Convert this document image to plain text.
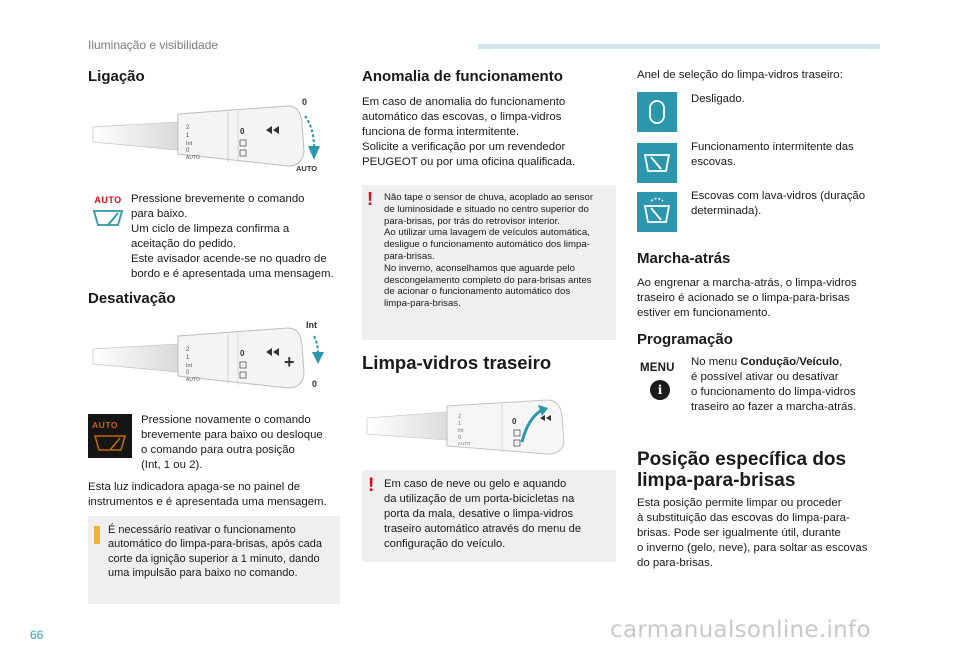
Iluminação e visibilidade
66	carmanualsonline.info
Ligação
2
1
Int
0
AUTO
0
0
AUTO
AUTO Pressione brevemente o comando
para baixo.
Um ciclo de limpeza confirma a
aceitação do pedido.
Este avisador acende-se no quadro de
bordo e é apresentada uma mensagem.
Desativação
2
1
Int
0
AUTO
0 +
Int
0
AUTO Pressione novamente o comando
brevemente para baixo ou desloque
o comando para outra posição
(Int, 1 ou 2).
Esta luz indicadora apaga-se no painel de
instrumentos e é apresentada uma mensagem.
É necessário reativar o funcionamento
automático do limpa-para-brisas, após cada
corte da ignição superior a 1 minuto, dando
uma impulsão para baixo no comando.
Anomalia de funcionamento
Em caso de anomalia do funcionamento
automático das escovas, o limpa-vidros
funciona de forma intermitente.
Solicite a verificação por um revendedor
PEUGEOT ou por uma oficina qualificada.
! Não tape o sensor de chuva, acoplado ao sensor
de luminosidade e situado no centro superior do
para-brisas, por trás do retrovisor interior.
Ao utilizar uma lavagem de veículos automática,
desligue o funcionamento automático dos limpa-
para-brisas.
No inverno, aconselhamos que aguarde pelo
descongelamento completo do para-brisas antes
de acionar o funcionamento automático dos
limpa-para-brisas.
Limpa-vidros traseiro
2
1
Int
0
AUTO
0
! Em caso de neve ou gelo e aquando
da utilização de um porta-bicicletas na
porta da mala, desative o limpa-vidros
traseiro automático através do menu de
configuração do veículo.
Anel de seleção do limpa-vidros traseiro:
Desligado.
Funcionamento intermitente das
escovas.
Escovas com lava-vidros (duração
determinada).
Marcha-atrás
Ao engrenar a marcha-atrás, o limpa-vidros
traseiro é acionado se o limpa-para-brisas
estiver em funcionamento.
Programação
MENU
i
No menu Condução/Veículo,
é possível ativar ou desativar
o funcionamento do limpa-vidros
traseiro ao fazer a marcha-atrás.
Posição específica dos
limpa-para-brisas
Esta posição permite limpar ou proceder
à substituição das escovas do limpa-para-
brisas. Pode ser igualmente útil, durante
o inverno (gelo, neve), para soltar as escovas
do para-brisas.
